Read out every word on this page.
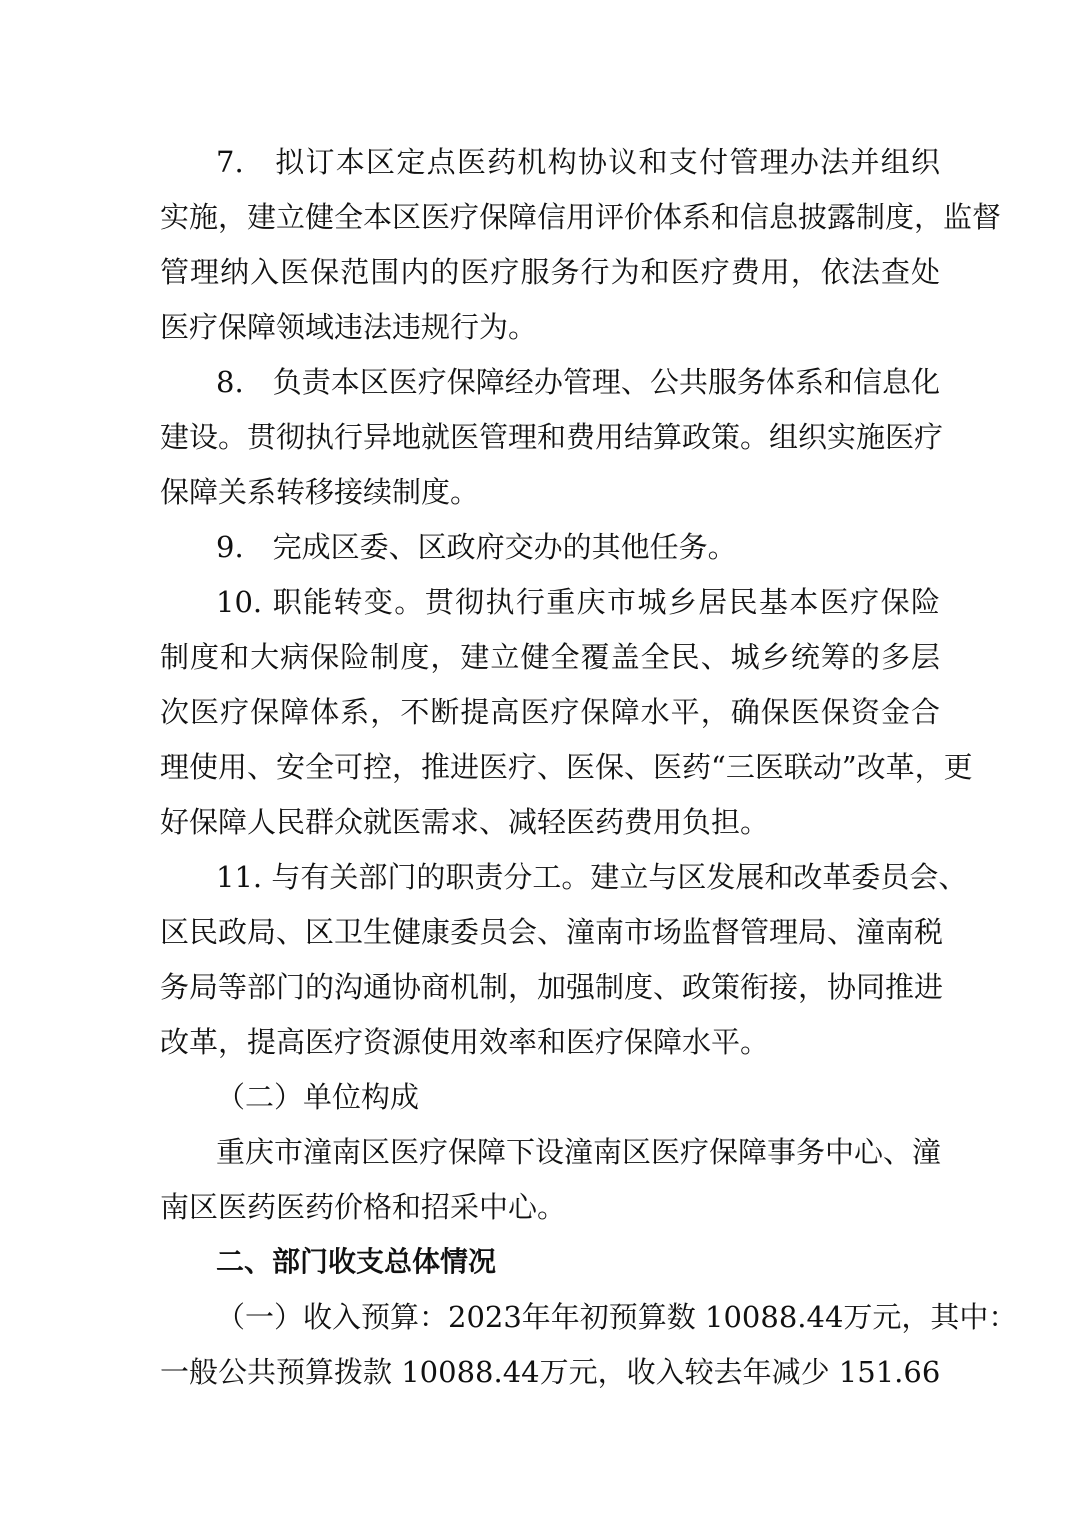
7.　拟订本区定点医药机构协议和支付管理办法并组织
实施，建立健全本区医疗保障信用评价体系和信息披露制度，监督
管理纳入医保范围内的医疗服务行为和医疗费用，依法查处
医疗保障领域违法违规行为。
8.　负责本区医疗保障经办管理、公共服务体系和信息化
建设。贯彻执行异地就医管理和费用结算政策。组织实施医疗
保障关系转移接续制度。
9.　完成区委、区政府交办的其他任务。
10. 职能转变。贯彻执行重庆市城乡居民基本医疗保险
制度和大病保险制度，建立健全覆盖全民、城乡统筹的多层
次医疗保障体系，不断提高医疗保障水平，确保医保资金合
理使用、安全可控，推进医疗、医保、医药“三医联动”改革，更
好保障人民群众就医需求、减轻医药费用负担。
11. 与有关部门的职责分工。建立与区发展和改革委员会、
区民政局、区卫生健康委员会、潼南市场监督管理局、潼南税
务局等部门的沟通协商机制，加强制度、政策衔接，协同推进
改革，提高医疗资源使用效率和医疗保障水平。
（二）单位构成
重庆市潼南区医疗保障下设潼南区医疗保障事务中心、潼
南区医药医药价格和招采中心。
二、部门收支总体情况
（一）收入预算：2023年年初预算数 10088.44万元，其中：
一般公共预算拨款 10088.44万元，收入较去年减少 151.66
